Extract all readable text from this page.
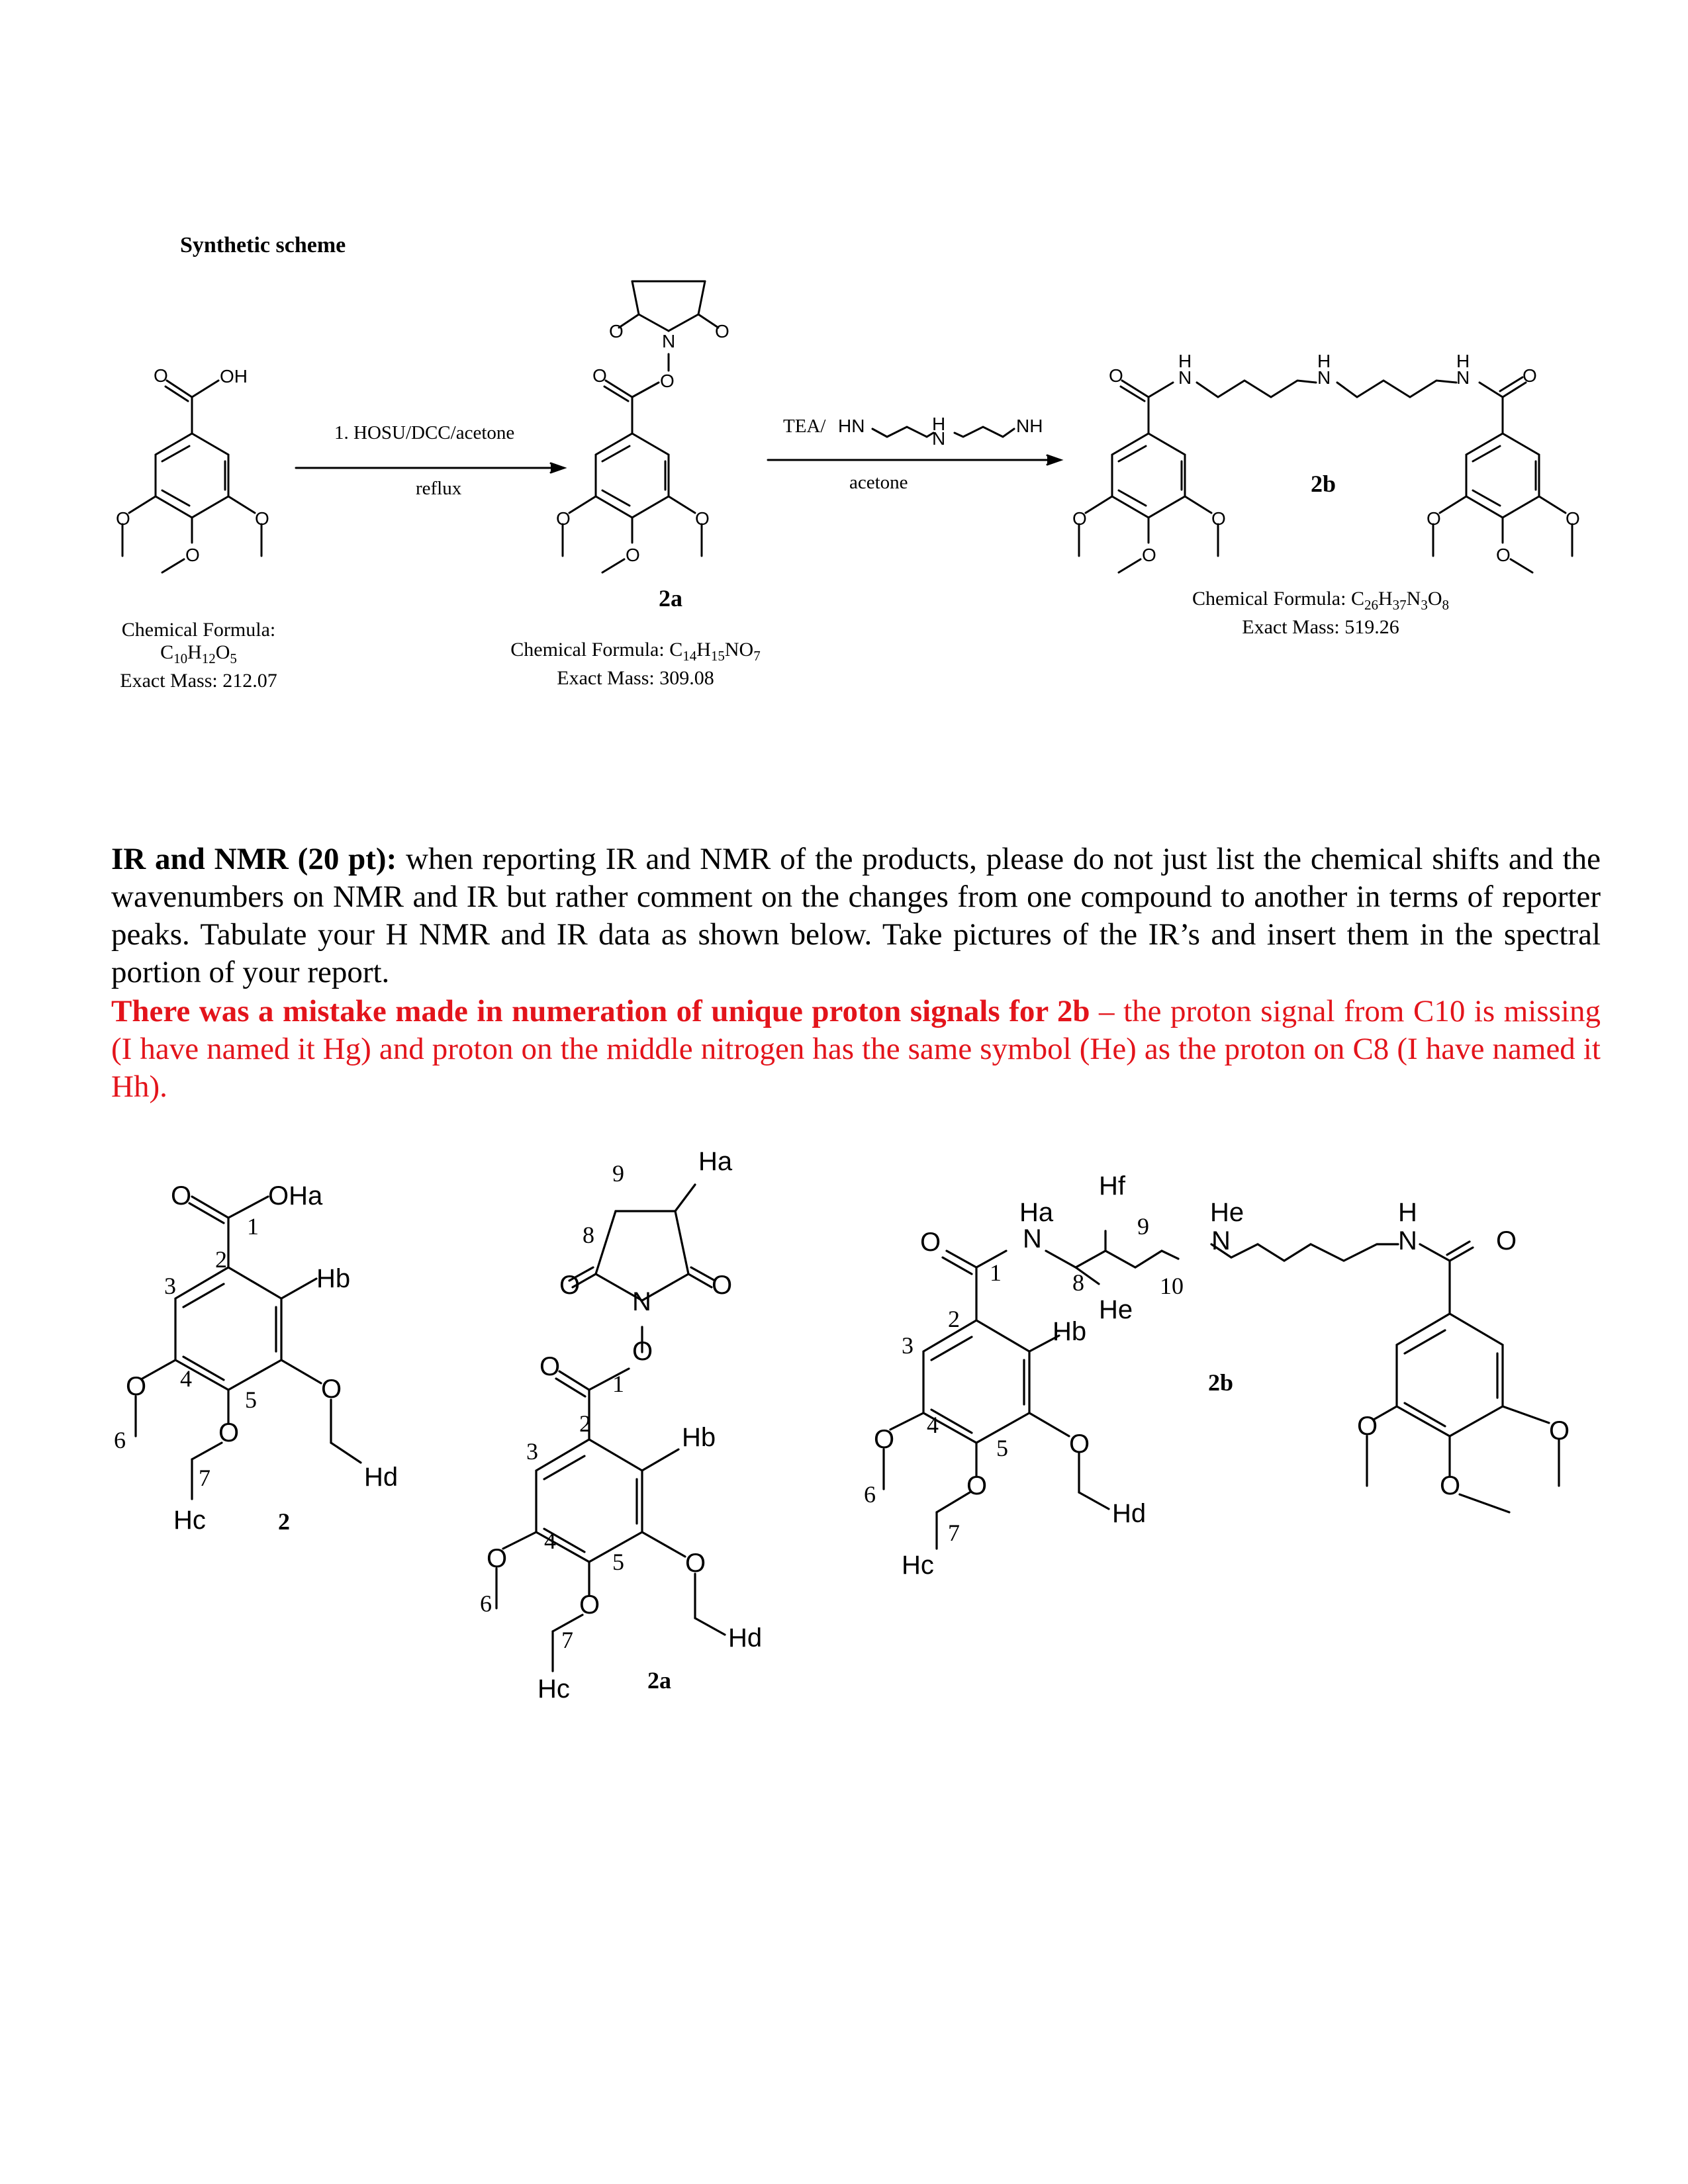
Synthetic scheme
O	OH
O	O
O
O	O
N
O	O
O	O
O
HN	H
N
NH
O
H
N
H
N
H
N	O
O	O
O
O	O
O
1. HOSU/DCC/acetone
reflux
TEA/
acetone
Chemical Formula:
$C_{10}H_{12}O_5$
Exact Mass: 212.07
2a
Chemical Formula: $C_{14}H_{15}NO_7$
Exact Mass: 309.08
2b
Chemical Formula: $C_{26}H_{37}N_3O_8$
Exact Mass: 519.26
IR and NMR (20 pt): when reporting IR and NMR of the products, please do not just list the chemical shifts and the wavenumbers on NMR and IR but rather comment on the changes from one compound to another in terms of reporter peaks. Tabulate your H NMR and IR data as shown below. Take pictures of the IR’s and insert them in the spectral portion of your report.
There was a mistake made in numeration of unique proton signals for 2b – the proton signal from C10 is missing (I have named it Hg) and proton on the middle nitrogen has the same symbol (He) as the proton on C8 (I have named it Hh).
O	OHa
Hb
O	O
O
Hd
Hc
1
2
3
4
5
6
7
Ha
9
8
O	O
N
O
O
1
2
3	Hb
4
5
O	O
O
6
7	Hd
Hc
O
Ha
N
1	8
2
3	Hb
He
Hf
9
10
He
N
H
N	O
4
5
O	O
O
6
7
Hd
Hc
O	O
O
2
2a
2b
